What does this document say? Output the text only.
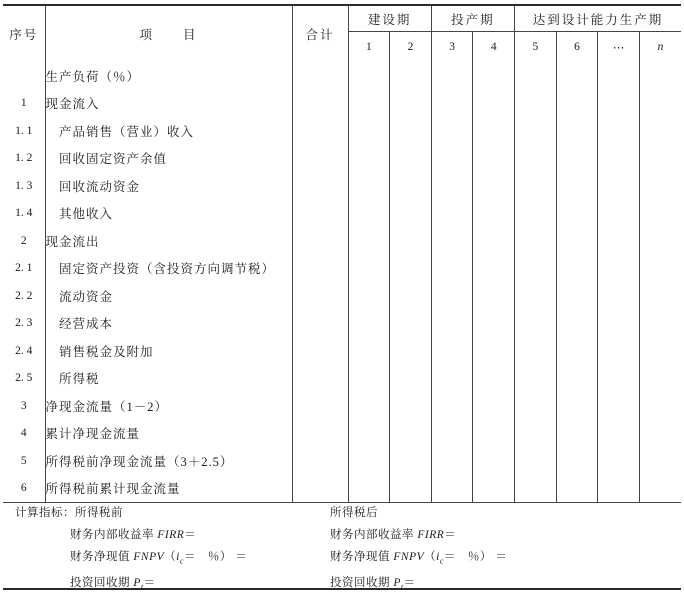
序号	项　　目	合计	建设期		投产期		达到设计能力生产期			
			1	2	3	4	5	6	⋯	n
	生产负荷（％）									
1	现金流入									
1. 1	　产品销售（营业）收入									
1. 2	　回收固定资产余值									
1. 3	　回收流动资金									
1. 4	　其他收入									
2	现金流出									
2. 1	　固定资产投资（含投资方向调节税）									
2. 2	　流动资金									
2. 3	　经营成本									
2. 4	　销售税金及附加									
2. 5	　所得税									
3	净现金流量（1－2）									
4	累计净现金流量									
5	所得税前净现金流量（3＋2.5）									
6	所得税前累计现金流量									
计算指标：所得税前
财务内部收益率 FIRR＝
财务净现值 $FNPV(i_c=$　％） ＝
投资回收期 $P_t=$
所得税后
财务内部收益率 FIRR＝
财务净现值 $FNPV(i_c=$　％） ＝
投资回收期 $P_t=$
